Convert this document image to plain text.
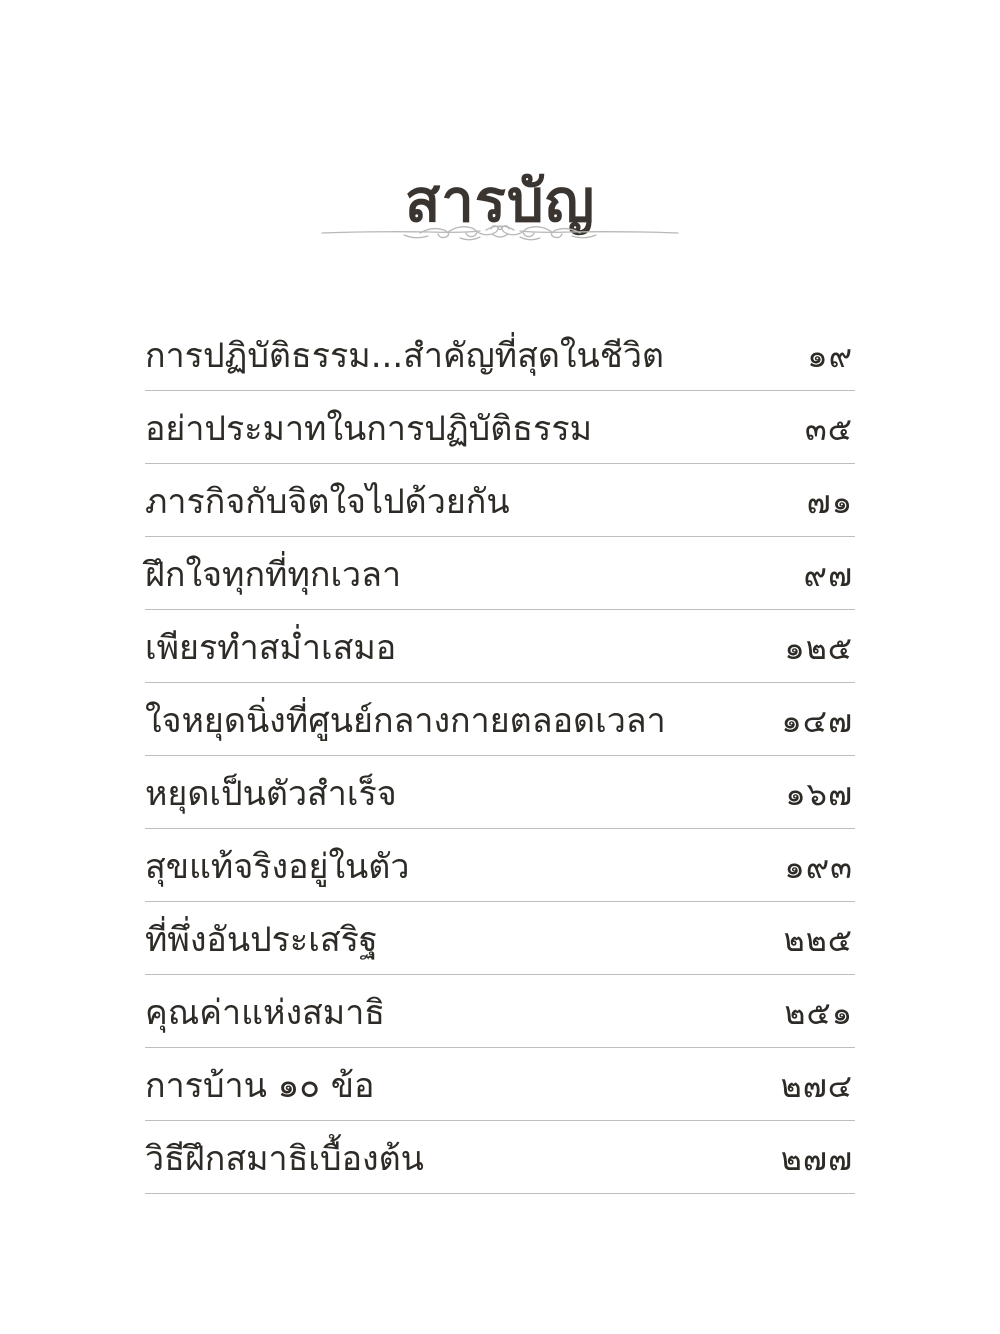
สารบัญ
การปฏิบัติธรรม...สำคัญที่สุดในชีวิต	๑๙
อย่าประมาทในการปฏิบัติธรรม	๓๕
ภารกิจกับจิตใจไปด้วยกัน	๗๑
ฝึกใจทุกที่ทุกเวลา	๙๗
เพียรทำสม่ำเสมอ	๑๒๕
ใจหยุดนิ่งที่ศูนย์กลางกายตลอดเวลา	๑๔๗
หยุดเป็นตัวสำเร็จ	๑๖๗
สุขแท้จริงอยู่ในตัว	๑๙๓
ที่พึ่งอันประเสริฐ	๒๒๕
คุณค่าแห่งสมาธิ	๒๕๑
การบ้าน ๑๐ ข้อ	๒๗๔
วิธีฝึกสมาธิเบื้องต้น	๒๗๗
